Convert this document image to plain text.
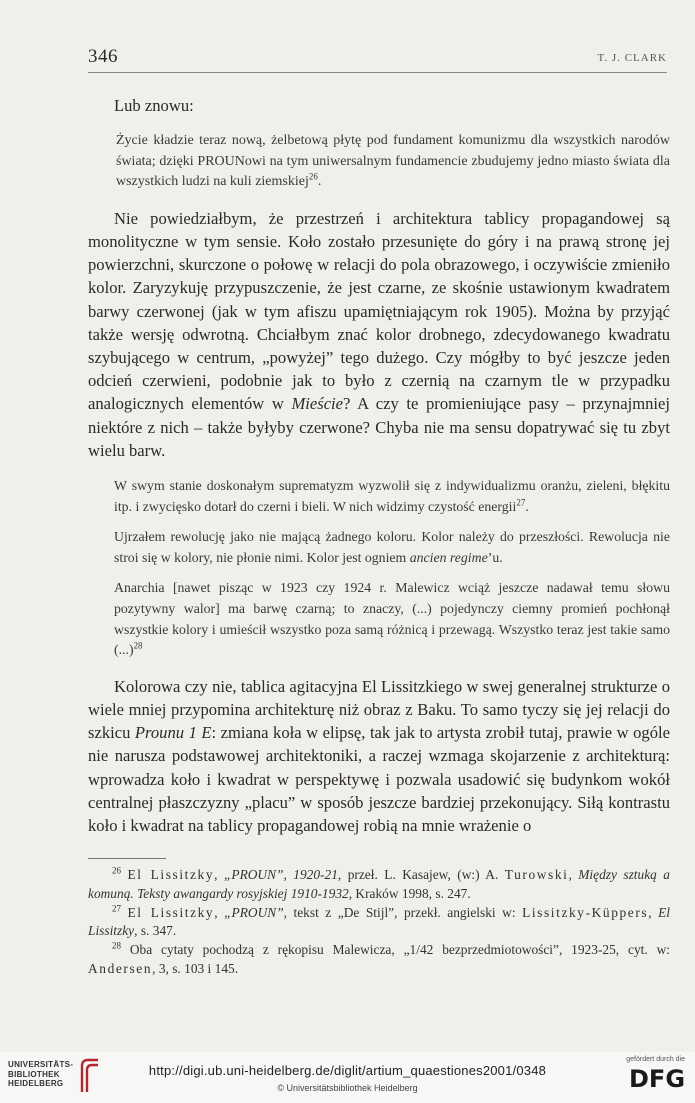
346	T. J. CLARK

Lub znowu:

Życie kładzie teraz nową, żelbetową płytę pod fundament komunizmu dla wszystkich narodów świata; dzięki PROUNowi na tym uniwersalnym fundamencie zbudujemy jedno miasto świata dla wszystkich ludzi na kuli ziemskiej$^{26}$.

Nie powiedziałbym, że przestrzeń i architektura tablicy propagandowej są monolityczne w tym sensie. Koło zostało przesunięte do góry i na prawą stronę jej powierzchni, skurczone o połowę w relacji do pola obrazowego, i oczywiście zmieniło kolor. Zaryzykuję przypuszczenie, że jest czarne, ze skośnie ustawionym kwadratem barwy czerwonej (jak w tym afiszu upamiętniającym rok 1905). Można by przyjąć także wersję odwrotną. Chciałbym znać kolor drobnego, zdecydowanego kwadratu szybującego w centrum, „powyżej” tego dużego. Czy mógłby to być jeszcze jeden odcień czerwieni, podobnie jak to było z czernią na czarnym tle w przypadku analogicznych elementów w Mieście? A czy te promieniujące pasy – przynajmniej niektóre z nich – także byłyby czerwone? Chyba nie ma sensu dopatrywać się tu zbyt wielu barw.

W swym stanie doskonałym suprematyzm wyzwolił się z indywidualizmu oranżu, zieleni, błękitu itp. i zwycięsko dotarł do czerni i bieli. W nich widzimy czystość energii$^{27}$.

Ujrzałem rewolucję jako nie mającą żadnego koloru. Kolor należy do przeszłości. Rewolucja nie stroi się w kolory, nie płonie nimi. Kolor jest ogniem ancien regime’u.

Anarchia [nawet pisząc w 1923 czy 1924 r. Malewicz wciąż jeszcze nadawał temu słowu pozytywny walor] ma barwę czarną; to znaczy, (...) pojedynczy ciemny promień pochłonął wszystkie kolory i umieścił wszystko poza samą różnicą i przewagą. Wszystko teraz jest takie samo (...)$^{28}$

Kolorowa czy nie, tablica agitacyjna El Lissitzkiego w swej generalnej strukturze o wiele mniej przypomina architekturę niż obraz z Baku. To samo tyczy się jej relacji do szkicu Prounu 1 E: zmiana koła w elipsę, tak jak to artysta zrobił tutaj, prawie w ogóle nie narusza podstawowej architektoniki, a raczej wzmaga skojarzenie z architekturą: wprowadza koło i kwadrat w perspektywę i pozwala usadowić się budynkom wokół centralnej płaszczyzny „placu” w sposób jeszcze bardziej przekonujący. Siłą kontrastu koło i kwadrat na tablicy propagandowej robią na mnie wrażenie o

$^{26}$ El Lissitzky, „PROUN”, 1920-21, przeł. L. Kasajew, (w:) A. Turowski, Między sztuką a komuną. Teksty awangardy rosyjskiej 1910-1932, Kraków 1998, s. 247.

$^{27}$ El Lissitzky, „PROUN”, tekst z „De Stijl”, przekł. angielski w: Lissitzky-Küppers, El Lissitzky, s. 347.

$^{28}$ Oba cytaty pochodzą z rękopisu Malewicza, „1/42 bezprzedmiotowości”, 1923-25, cyt. w: Andersen, 3, s. 103 i 145.

UNIVERSITÄTS-
BIBLIOTHEK
HEIDELBERG
http://digi.ub.uni-heidelberg.de/diglit/artium_quaestiones2001/0348
© Universitätsbibliothek Heidelberg
gefördert durch die
DFG
